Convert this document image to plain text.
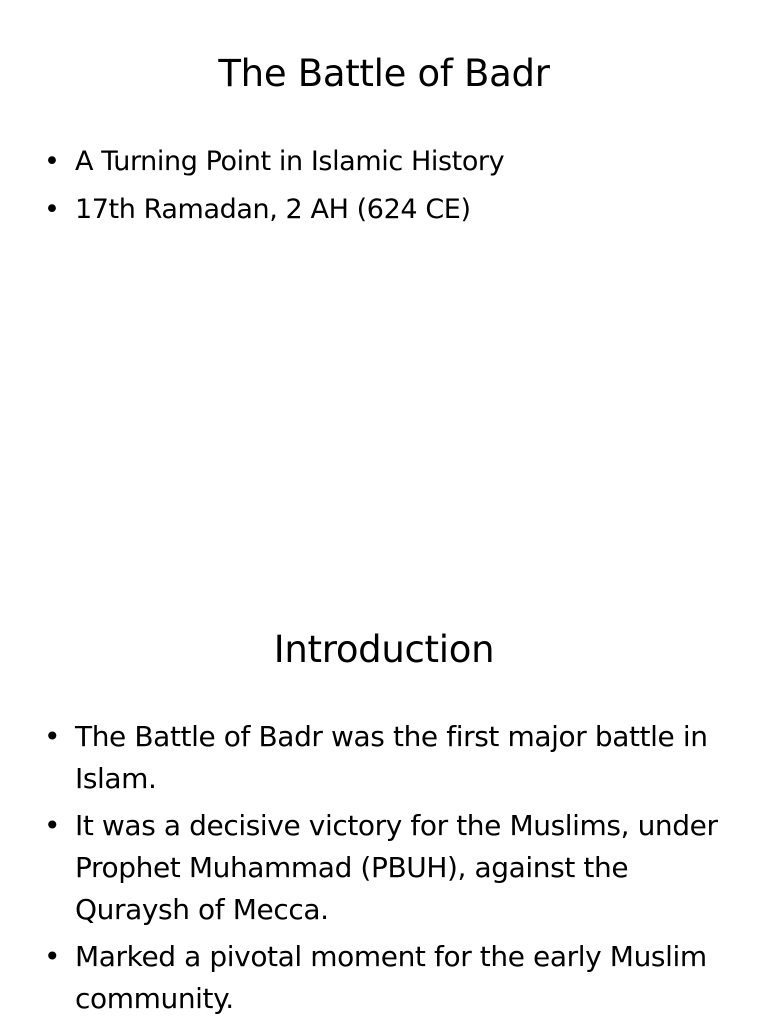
The Battle of Badr
• A Turning Point in Islamic History
• 17th Ramadan, 2 AH (624 CE)
Introduction
• The Battle of Badr was the first major battle in Islam.
• It was a decisive victory for the Muslims, under Prophet Muhammad (PBUH), against the Quraysh of Mecca.
• Marked a pivotal moment for the early Muslim community.
